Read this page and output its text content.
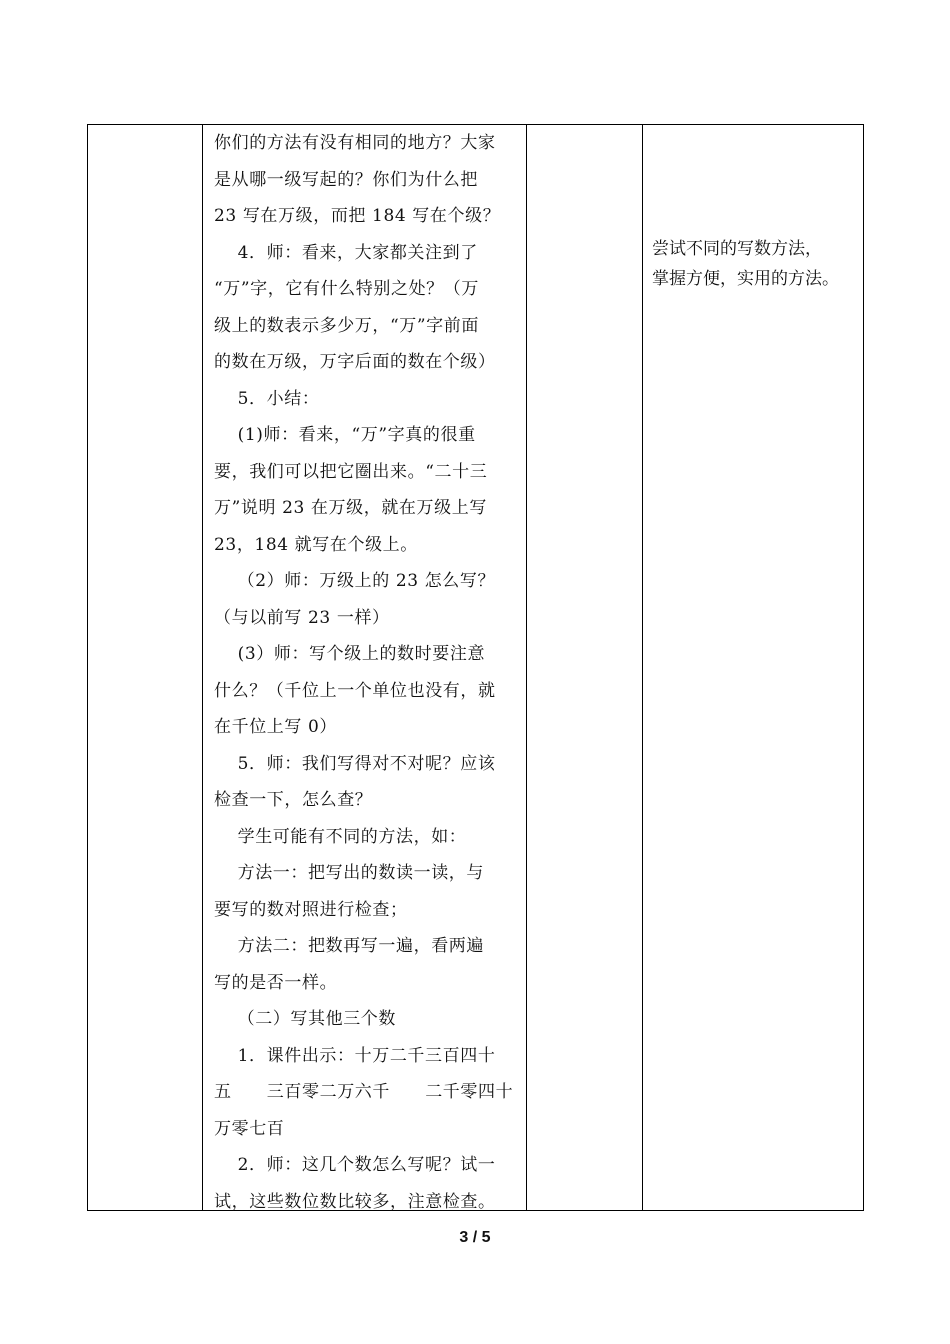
你们的方法有没有相同的地方？大家

是从哪一级写起的？你们为什么把

23 写在万级，而把 184 写在个级？

　 4．师：看来，大家都关注到了

“万”字，它有什么特别之处？（万

级上的数表示多少万，“万”字前面

的数在万级，万字后面的数在个级）

　 5．小结：

　 (1)师：看来，“万”字真的很重

要，我们可以把它圈出来。“二十三

万”说明 23 在万级，就在万级上写

23，184 就写在个级上。

　 （2）师：万级上的 23 怎么写？

（与以前写 23 一样）

　 (3）师：写个级上的数时要注意

什么？（千位上一个单位也没有，就

在千位上写 0）

　 5．师：我们写得对不对呢？应该

检查一下，怎么查？

　 学生可能有不同的方法，如：

　 方法一：把写出的数读一读，与

要写的数对照进行检查；

　 方法二：把数再写一遍，看两遍

写的是否一样。

　 （二）写其他三个数

　 1．课件出示：十万二千三百四十

五　　三百零二万六千　　二千零四十

万零七百

　 2．师：这几个数怎么写呢？试一

试，这些数位数比较多，注意检查。

尝试不同的写数方法，

掌握方便，实用的方法。

3 / 5
